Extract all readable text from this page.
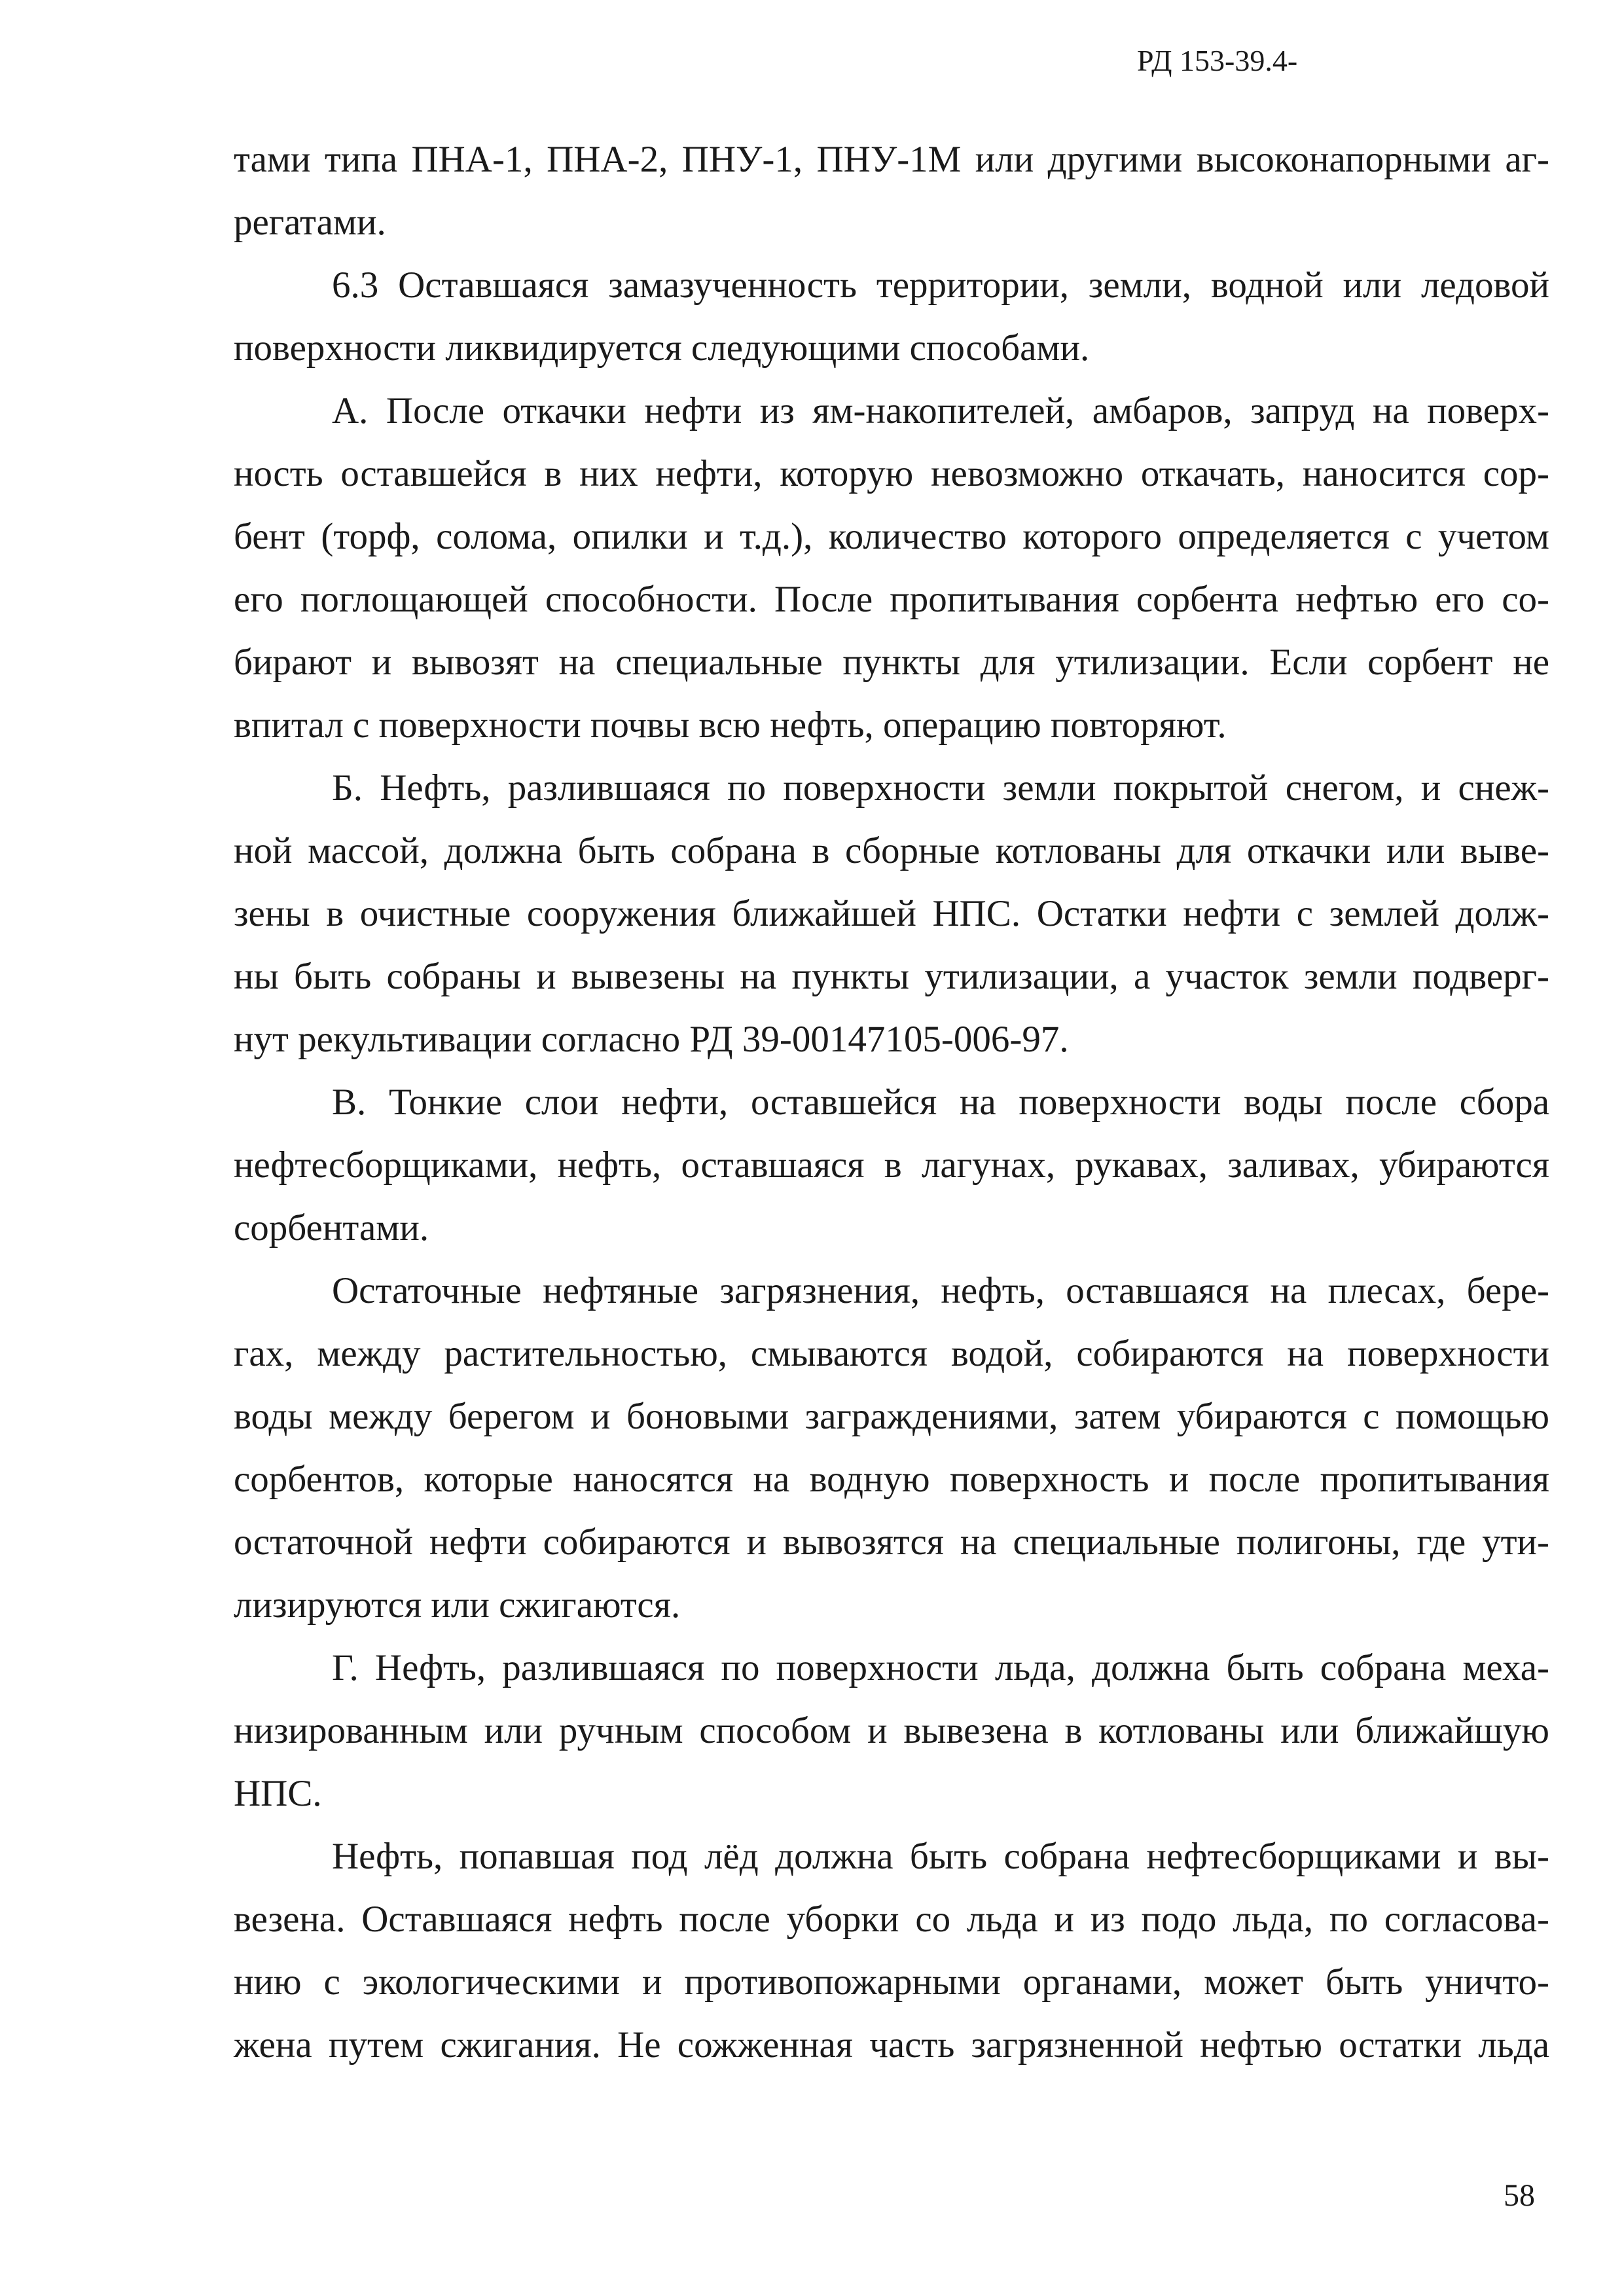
РД 153-39.4-
тами типа ПНА-1, ПНА-2, ПНУ-1, ПНУ-1М или другими высоконапорными аг-
регатами.
6.3 Оставшаяся замазученность территории, земли, водной или ледовой
поверхности ликвидируется следующими способами.
А. После откачки нефти из ям-накопителей, амбаров, запруд на поверх-
ность оставшейся в них нефти, которую невозможно откачать, наносится сор-
бент (торф, солома, опилки и т.д.), количество которого определяется с учетом
его поглощающей способности. После пропитывания сорбента нефтью его со-
бирают и вывозят на специальные пункты для утилизации. Если сорбент не
впитал с поверхности почвы всю нефть, операцию повторяют.
Б. Нефть, разлившаяся по поверхности земли покрытой снегом, и снеж-
ной массой, должна быть собрана в сборные котлованы для откачки или выве-
зены в очистные сооружения ближайшей НПС. Остатки нефти с землей долж-
ны быть собраны и вывезены на пункты утилизации, а участок земли подверг-
нут рекультивации согласно РД 39-00147105-006-97.
В. Тонкие слои нефти, оставшейся на поверхности воды после сбора
нефтесборщиками, нефть, оставшаяся в лагунах, рукавах, заливах, убираются
сорбентами.
Остаточные нефтяные загрязнения, нефть, оставшаяся на плесах, бере-
гах, между растительностью, смываются водой, собираются на поверхности
воды между берегом и боновыми заграждениями, затем убираются с помощью
сорбентов, которые наносятся на водную поверхность и после пропитывания
остаточной нефти собираются и вывозятся на специальные полигоны, где ути-
лизируются или сжигаются.
Г. Нефть, разлившаяся по поверхности льда, должна быть собрана меха-
низированным или ручным способом и вывезена в котлованы или ближайшую
НПС.
Нефть, попавшая под лёд должна быть собрана нефтесборщиками и вы-
везена. Оставшаяся нефть после уборки со льда и из подо льда, по согласова-
нию с экологическими и противопожарными органами, может быть уничто-
жена путем сжигания. Не сожженная часть загрязненной нефтью остатки льда
58
